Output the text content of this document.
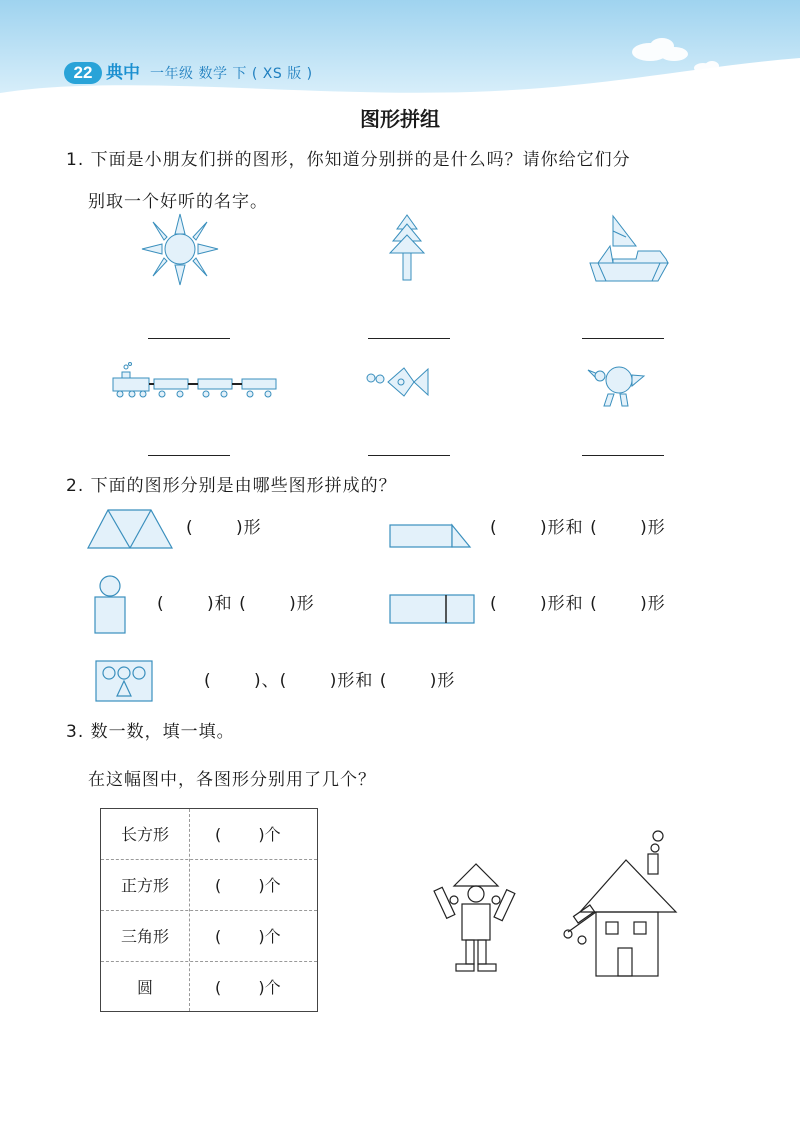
22 典中 一年级 数学 下 ( XS 版 )
图形拼组
1. 下面是小朋友们拼的图形，你知道分别拼的是什么吗？请你给它们分
别取一个好听的名字。
2. 下面的图形分别是由哪些图形拼成的？
(　　 )形	(　　 )形和 (　　 )形
(　　 )和 (　　 )形	(　　 )形和 (　　 )形
(　　 )、(　　 )形和 (　　 )形
3. 数一数，填一填。
在这幅图中，各图形分别用了几个？
长方形	(　　 )个
正方形	(　　 )个
三角形	(　　 )个
圆	(　　 )个
